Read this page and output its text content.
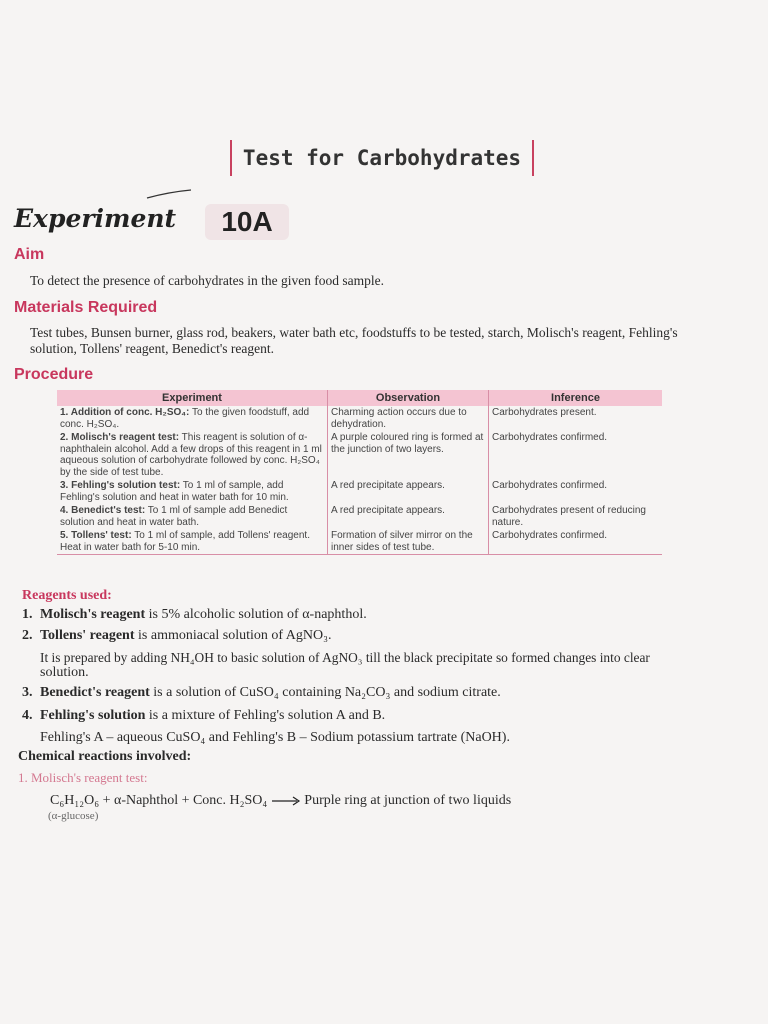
Test for Carbohydrates
Experiment	10A
Aim
To detect the presence of carbohydrates in the given food sample.
Materials Required
Test tubes, Bunsen burner, glass rod, beakers, water bath etc, foodstuffs to be tested, starch, Molisch's reagent, Fehling's
solution, Tollens' reagent, Benedict's reagent.
Procedure
Experiment	Observation	Inference
1. Addition of conc. H₂SO₄: To the given foodstuff, add conc. H₂SO₄.	Charming action occurs due to dehydration.	Carbohydrates present.
2. Molisch's reagent test: This reagent is solution of α-naphthalein alcohol. Add a few drops of this reagent in 1 ml aqueous solution of carbohydrate followed by conc. H₂SO₄ by the side of test tube.	A purple coloured ring is formed at the junction of two layers.	Carbohydrates confirmed.
3. Fehling's solution test: To 1 ml of sample, add Fehling's solution and heat in water bath for 10 min.	A red precipitate appears.	Carbohydrates confirmed.
4. Benedict's test: To 1 ml of sample add Benedict solution and heat in water bath.	A red precipitate appears.	Carbohydrates present of reducing nature.
5. Tollens' test: To 1 ml of sample, add Tollens' reagent. Heat in water bath for 5-10 min.	Formation of silver mirror on the inner sides of test tube.	Carbohydrates confirmed.
Reagents used:
1. Molisch's reagent is 5% alcoholic solution of α-naphthol.
2. Tollens' reagent is ammoniacal solution of AgNO₃.
It is prepared by adding NH₄OH to basic solution of AgNO₃ till the black precipitate so formed changes into clear
solution.
3. Benedict's reagent is a solution of CuSO₄ containing Na₂CO₃ and sodium citrate.
4. Fehling's solution is a mixture of Fehling's solution A and B.
Fehling's A – aqueous CuSO₄ and Fehling's B – Sodium potassium tartrate (NaOH).
Chemical reactions involved:
1. Molisch's reagent test:
C₆H₁₂O₆ + α-Naphthol + Conc. H₂SO₄ → Purple ring at junction of two liquids
(α-glucose)
